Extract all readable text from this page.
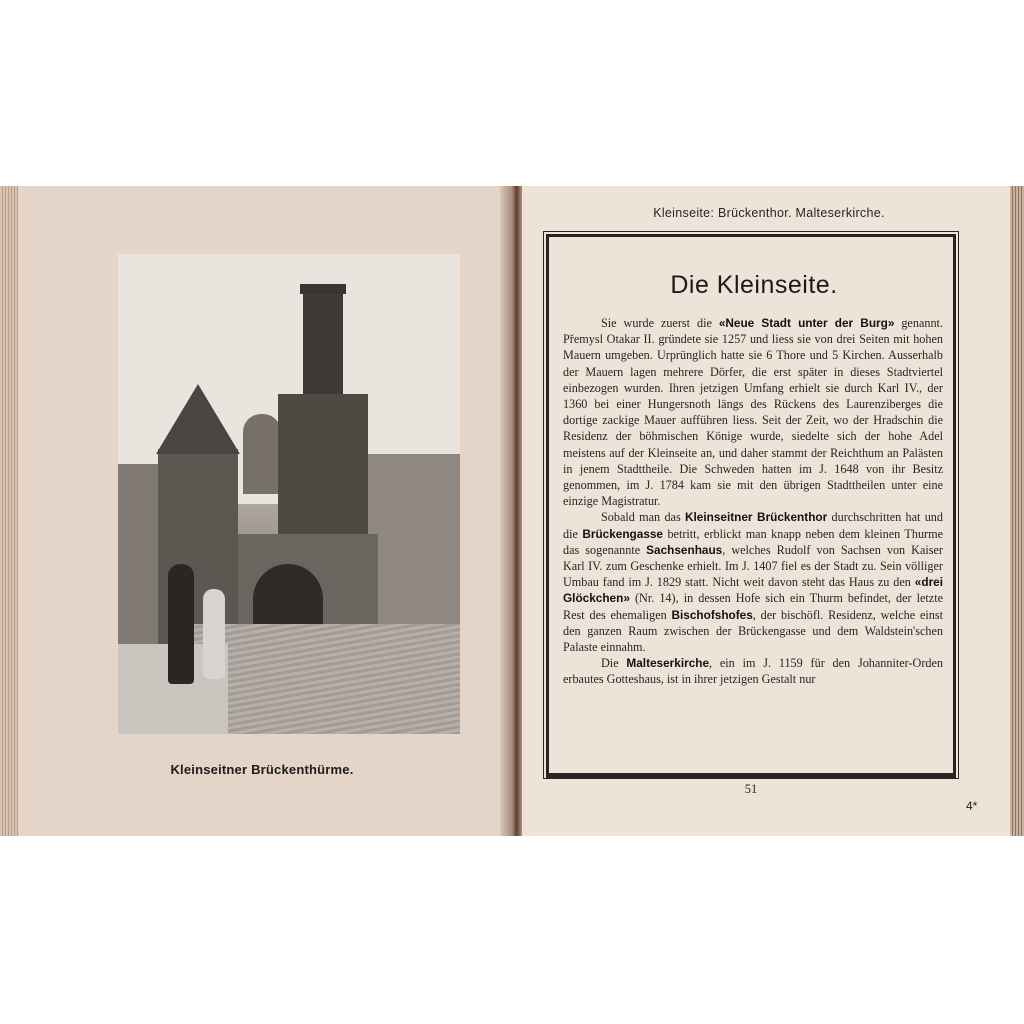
Kleinseitner Brückenthürme.
Kleinseite: Brückenthor. Malteserkirche.
Die Kleinseite.

Sie wurde zuerst die «Neue Stadt unter der Burg» genannt. Přemysl Otakar II. gründete sie 1257 und liess sie von drei Seiten mit hohen Mauern umgeben. Urprünglich hatte sie 6 Thore und 5 Kirchen. Ausserhalb der Mauern lagen mehrere Dörfer, die erst später in dieses Stadtviertel einbezogen wurden. Ihren jetzigen Umfang erhielt sie durch Karl IV., der 1360 bei einer Hungersnoth längs des Rückens des Laurenziberges die dortige zackige Mauer aufführen liess. Seit der Zeit, wo der Hradschin die Residenz der böhmischen Könige wurde, siedelte sich der hohe Adel meistens auf der Kleinseite an, und daher stammt der Reichthum an Palästen in jenem Stadttheile. Die Schweden hatten im J. 1648 von ihr Besitz genommen, im J. 1784 kam sie mit den übrigen Stadttheilen unter eine einzige Magistratur.

Sobald man das Kleinseitner Brückenthor durchschritten hat und die Brückengasse betritt, erblickt man knapp neben dem kleinen Thurme das sogenannte Sachsenhaus, welches Rudolf von Sachsen von Kaiser Karl IV. zum Geschenke erhielt. Im J. 1407 fiel es der Stadt zu. Sein völliger Umbau fand im J. 1829 statt. Nicht weit davon steht das Haus zu den «drei Glöckchen» (Nr. 14), in dessen Hofe sich ein Thurm befindet, der letzte Rest des ehemaligen Bischofshofes, der bischöfl. Residenz, welche einst den ganzen Raum zwischen der Brückengasse und dem Waldstein'schen Palaste einnahm.

Die Malteserkirche, ein im J. 1159 für den Johanniter-Orden erbautes Gotteshaus, ist in ihrer jetzigen Gestalt nur

51
4*
